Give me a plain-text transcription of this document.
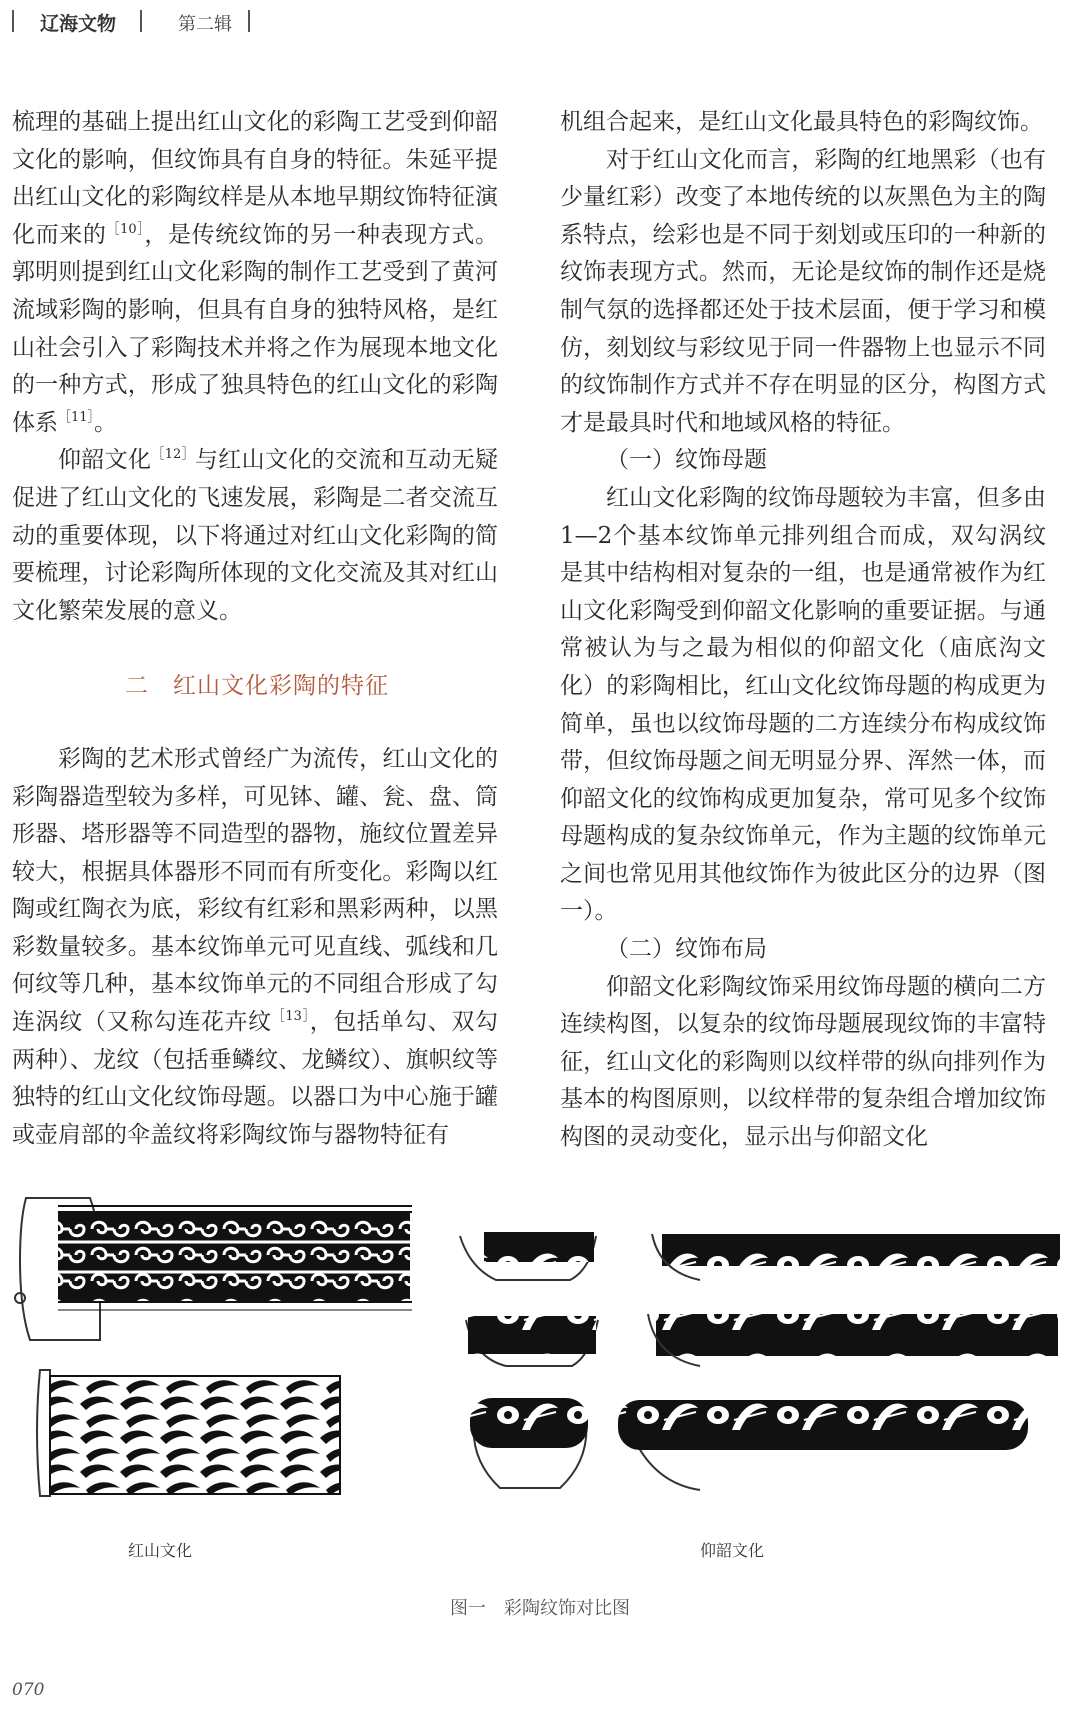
辽海文物	第二辑

梳理的基础上提出红山文化的彩陶工艺受到仰韶文化的影响，但纹饰具有自身的特征。朱延平提出红山文化的彩陶纹样是从本地早期纹饰特征演化而来的$^{[10]}$，是传统纹饰的另一种表现方式。郭明则提到红山文化彩陶的制作工艺受到了黄河流域彩陶的影响，但具有自身的独特风格，是红山社会引入了彩陶技术并将之作为展现本地文化的一种方式，形成了独具特色的红山文化的彩陶体系$^{[11]}$。

仰韶文化$^{[12]}$与红山文化的交流和互动无疑促进了红山文化的飞速发展，彩陶是二者交流互动的重要体现，以下将通过对红山文化彩陶的简要梳理，讨论彩陶所体现的文化交流及其对红山文化繁荣发展的意义。

二　红山文化彩陶的特征

彩陶的艺术形式曾经广为流传，红山文化的彩陶器造型较为多样，可见钵、罐、瓮、盘、筒形器、塔形器等不同造型的器物，施纹位置差异较大，根据具体器形不同而有所变化。彩陶以红陶或红陶衣为底，彩纹有红彩和黑彩两种，以黑彩数量较多。基本纹饰单元可见直线、弧线和几何纹等几种，基本纹饰单元的不同组合形成了勾连涡纹（又称勾连花卉纹$^{[13]}$，包括单勾、双勾两种）、龙纹（包括垂鳞纹、龙鳞纹）、旗帜纹等独特的红山文化纹饰母题。以器口为中心施于罐或壶肩部的伞盖纹将彩陶纹饰与器物特征有

机组合起来，是红山文化最具特色的彩陶纹饰。

对于红山文化而言，彩陶的红地黑彩（也有少量红彩）改变了本地传统的以灰黑色为主的陶系特点，绘彩也是不同于刻划或压印的一种新的纹饰表现方式。然而，无论是纹饰的制作还是烧制气氛的选择都还处于技术层面，便于学习和模仿，刻划纹与彩纹见于同一件器物上也显示不同的纹饰制作方式并不存在明显的区分，构图方式才是最具时代和地域风格的特征。

（一）纹饰母题

红山文化彩陶的纹饰母题较为丰富，但多由1—2个基本纹饰单元排列组合而成，双勾涡纹是其中结构相对复杂的一组，也是通常被作为红山文化彩陶受到仰韶文化影响的重要证据。与通常被认为与之最为相似的仰韶文化（庙底沟文化）的彩陶相比，红山文化纹饰母题的构成更为简单，虽也以纹饰母题的二方连续分布构成纹饰带，但纹饰母题之间无明显分界、浑然一体，而仰韶文化的纹饰构成更加复杂，常可见多个纹饰母题构成的复杂纹饰单元，作为主题的纹饰单元之间也常见用其他纹饰作为彼此区分的边界（图一）。

（二）纹饰布局

仰韶文化彩陶纹饰采用纹饰母题的横向二方连续构图，以复杂的纹饰母题展现纹饰的丰富特征，红山文化的彩陶则以纹样带的纵向排列作为基本的构图原则，以纹样带的复杂组合增加纹饰构图的灵动变化，显示出与仰韶文化

红山文化	仰韶文化
图一　彩陶纹饰对比图
070
